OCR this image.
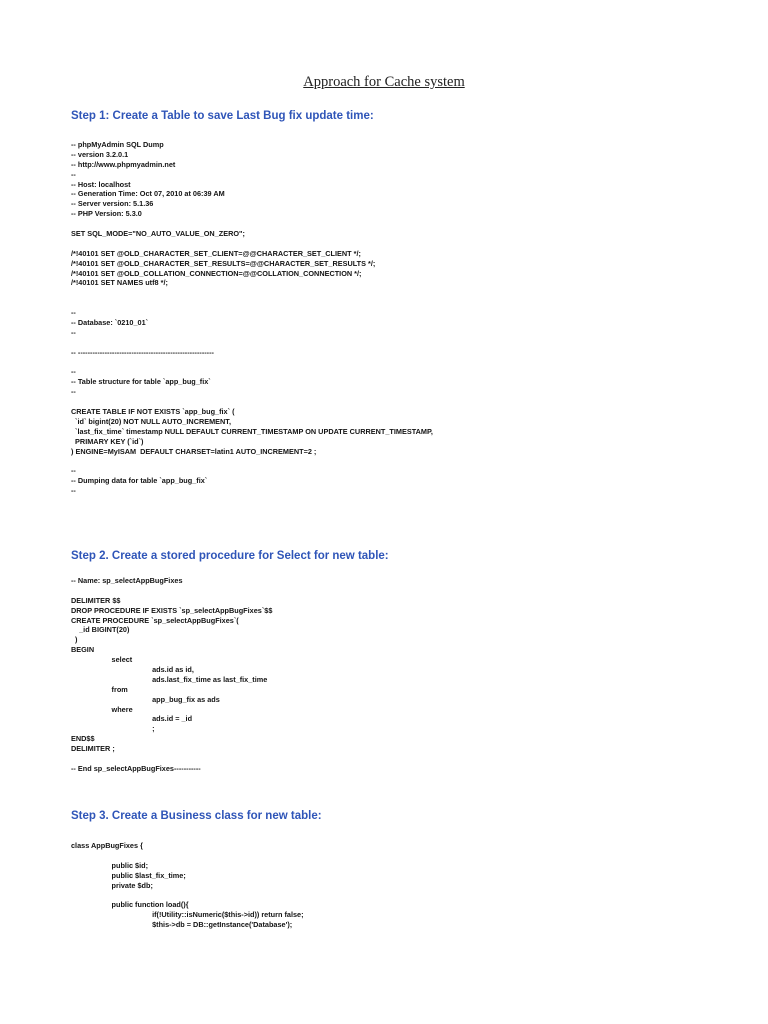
Approach for Cache system
Step 1: Create a Table to save Last Bug fix update time:
-- phpMyAdmin SQL Dump
-- version 3.2.0.1
-- http://www.phpmyadmin.net
--
-- Host: localhost
-- Generation Time: Oct 07, 2010 at 06:39 AM
-- Server version: 5.1.36
-- PHP Version: 5.3.0
SET SQL_MODE="NO_AUTO_VALUE_ON_ZERO";
/*!40101 SET @OLD_CHARACTER_SET_CLIENT=@@CHARACTER_SET_CLIENT */;
/*!40101 SET @OLD_CHARACTER_SET_RESULTS=@@CHARACTER_SET_RESULTS */;
/*!40101 SET @OLD_COLLATION_CONNECTION=@@COLLATION_CONNECTION */;
/*!40101 SET NAMES utf8 */;
--
-- Database: `0210_01`
--
-- --------------------------------------------------------
--
-- Table structure for table `app_bug_fix`
--
CREATE TABLE IF NOT EXISTS `app_bug_fix` (
`id` bigint(20) NOT NULL AUTO_INCREMENT,
`last_fix_time` timestamp NULL DEFAULT CURRENT_TIMESTAMP ON UPDATE CURRENT_TIMESTAMP,
PRIMARY KEY (`id`)
) ENGINE=MyISAM  DEFAULT CHARSET=latin1 AUTO_INCREMENT=2 ;
--
-- Dumping data for table `app_bug_fix`
--
Step 2. Create a stored procedure for Select for new table:
-- Name: sp_selectAppBugFixes
DELIMITER $$
DROP PROCEDURE IF EXISTS `sp_selectAppBugFixes`$$
CREATE PROCEDURE `sp_selectAppBugFixes`(
_id BIGINT(20)
)
BEGIN
select
ads.id as id,
ads.last_fix_time as last_fix_time
from
app_bug_fix as ads
where
ads.id = _id
;
END$$
DELIMITER ;
-- End sp_selectAppBugFixes-----------
Step 3. Create a Business class for new table:
class AppBugFixes {
public $id;
public $last_fix_time;
private $db;
public function load(){
if(!Utility::isNumeric($this->id)) return false;
$this->db = DB::getInstance('Database');
